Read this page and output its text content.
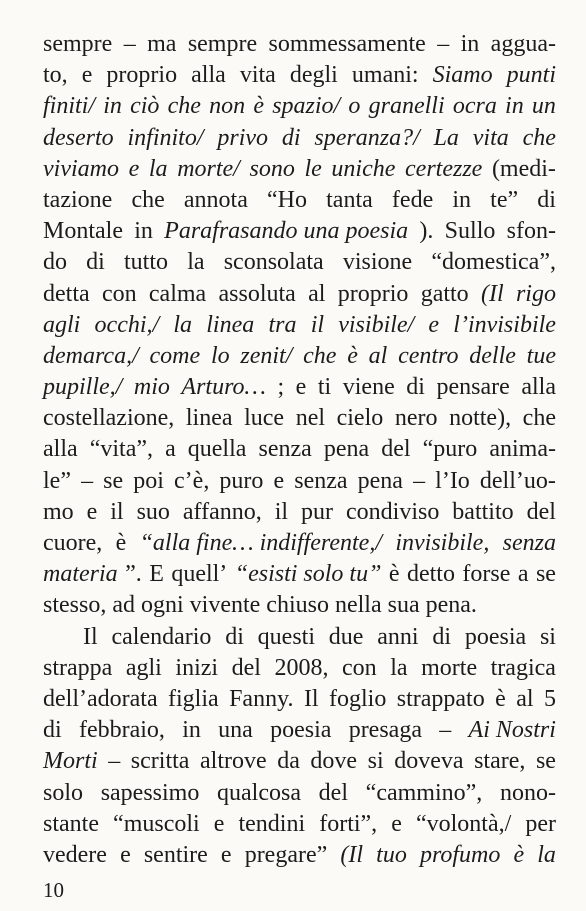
sempre – ma sempre sommessamente – in aggua-
to, e proprio alla vita degli umani: Siamo punti
finiti/ in ciò che non è spazio/ o granelli ocra in un
deserto infinito/ privo di speranza?/ La vita che
viviamo e la morte/ sono le uniche certezze (medi-
tazione che annota “Ho tanta fede in te” di
Montale in Parafrasando una poesia ). Sullo sfon-
do di tutto la sconsolata visione “domestica”,
detta con calma assoluta al proprio gatto (Il rigo
agli occhi,/ la linea tra il visibile/ e l’invisibile
demarca,/ come lo zenit/ che è al centro delle tue
pupille,/ mio Arturo… ; e ti viene di pensare alla
costellazione, linea luce nel cielo nero notte), che
alla “vita”, a quella senza pena del “puro anima-
le” – se poi c’è, puro e senza pena – l’Io dell’uo-
mo e il suo affanno, il pur condiviso battito del
cuore, è “alla fine… indifferente,/ invisibile, senza
materia ”. E quell’ “esisti solo tu” è detto forse a se
stesso, ad ogni vivente chiuso nella sua pena.
Il calendario di questi due anni di poesia si
strappa agli inizi del 2008, con la morte tragica
dell’adorata figlia Fanny. Il foglio strappato è al 5
di febbraio, in una poesia presaga – Ai Nostri
Morti – scritta altrove da dove si doveva stare, se
solo sapessimo qualcosa del “cammino”, nono-
stante “muscoli e tendini forti”, e “volontà,/ per
vedere e sentire e pregare” (Il tuo profumo è la
10
